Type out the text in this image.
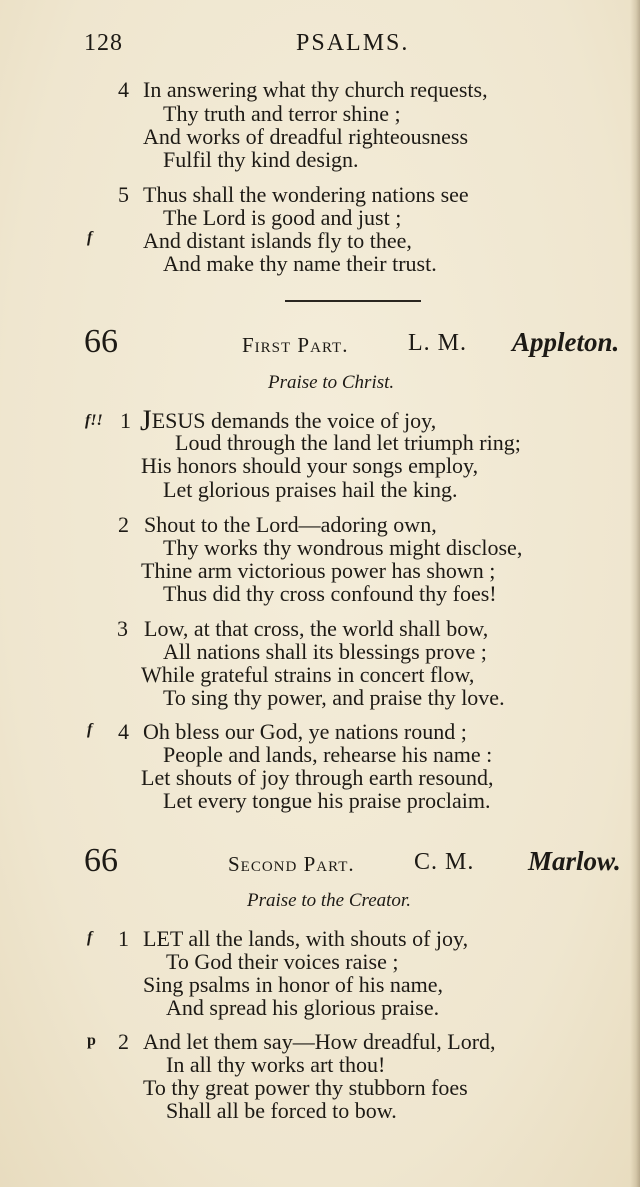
128	PSALMS.
4 In answering what thy church requests,
Thy truth and terror shine ;
And works of dreadful righteousness
Fulfil thy kind design.
5 Thus shall the wondering nations see
The Lord is good and just ;
f And distant islands fly to thee,
And make thy name their trust.
66	First Part. L. M. Appleton.
Praise to Christ.
f!! 1 JESUS demands the voice of joy,
Loud through the land let triumph ring;
His honors should your songs employ,
Let glorious praises hail the king.
2 Shout to the Lord—adoring own,
Thy works thy wondrous might disclose,
Thine arm victorious power has shown ;
Thus did thy cross confound thy foes!
3 Low, at that cross, the world shall bow,
All nations shall its blessings prove ;
While grateful strains in concert flow,
To sing thy power, and praise thy love.
f 4 Oh bless our God, ye nations round ;
People and lands, rehearse his name :
Let shouts of joy through earth resound,
Let every tongue his praise proclaim.
66	Second Part. C. M. Marlow.
Praise to the Creator.
f 1 LET all the lands, with shouts of joy,
To God their voices raise ;
Sing psalms in honor of his name,
And spread his glorious praise.
p 2 And let them say—How dreadful, Lord,
In all thy works art thou!
To thy great power thy stubborn foes
Shall all be forced to bow.
